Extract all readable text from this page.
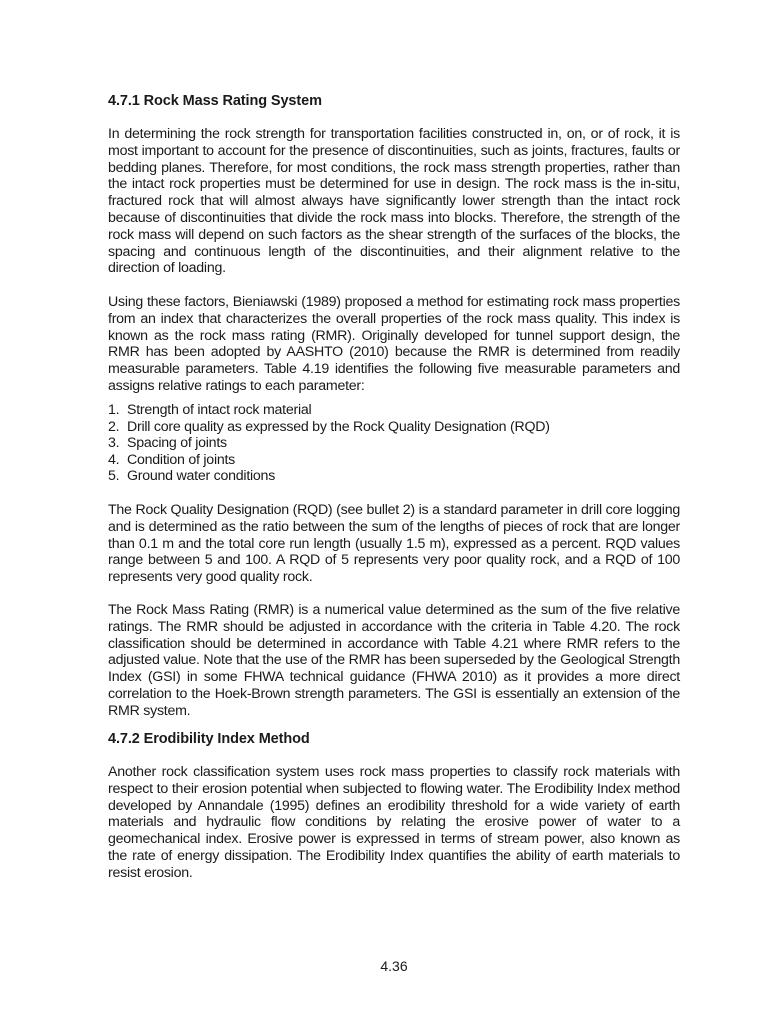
4.7.1 Rock Mass Rating System

In determining the rock strength for transportation facilities constructed in, on, or of rock, it is most important to account for the presence of discontinuities, such as joints, fractures, faults or bedding planes. Therefore, for most conditions, the rock mass strength properties, rather than the intact rock properties must be determined for use in design. The rock mass is the in-situ, fractured rock that will almost always have significantly lower strength than the intact rock because of discontinuities that divide the rock mass into blocks. Therefore, the strength of the rock mass will depend on such factors as the shear strength of the surfaces of the blocks, the spacing and continuous length of the discontinuities, and their alignment relative to the direction of loading.

Using these factors, Bieniawski (1989) proposed a method for estimating rock mass properties from an index that characterizes the overall properties of the rock mass quality. This index is known as the rock mass rating (RMR). Originally developed for tunnel support design, the RMR has been adopted by AASHTO (2010) because the RMR is determined from readily measurable parameters. Table 4.19 identifies the following five measurable parameters and assigns relative ratings to each parameter:

1. Strength of intact rock material
2. Drill core quality as expressed by the Rock Quality Designation (RQD)
3. Spacing of joints
4. Condition of joints
5. Ground water conditions

The Rock Quality Designation (RQD) (see bullet 2) is a standard parameter in drill core logging and is determined as the ratio between the sum of the lengths of pieces of rock that are longer than 0.1 m and the total core run length (usually 1.5 m), expressed as a percent. RQD values range between 5 and 100. A RQD of 5 represents very poor quality rock, and a RQD of 100 represents very good quality rock.

The Rock Mass Rating (RMR) is a numerical value determined as the sum of the five relative ratings. The RMR should be adjusted in accordance with the criteria in Table 4.20. The rock classification should be determined in accordance with Table 4.21 where RMR refers to the adjusted value. Note that the use of the RMR has been superseded by the Geological Strength Index (GSI) in some FHWA technical guidance (FHWA 2010) as it provides a more direct correlation to the Hoek-Brown strength parameters. The GSI is essentially an extension of the RMR system.

4.7.2 Erodibility Index Method

Another rock classification system uses rock mass properties to classify rock materials with respect to their erosion potential when subjected to flowing water. The Erodibility Index method developed by Annandale (1995) defines an erodibility threshold for a wide variety of earth materials and hydraulic flow conditions by relating the erosive power of water to a geomechanical index. Erosive power is expressed in terms of stream power, also known as the rate of energy dissipation. The Erodibility Index quantifies the ability of earth materials to resist erosion.

4.36
